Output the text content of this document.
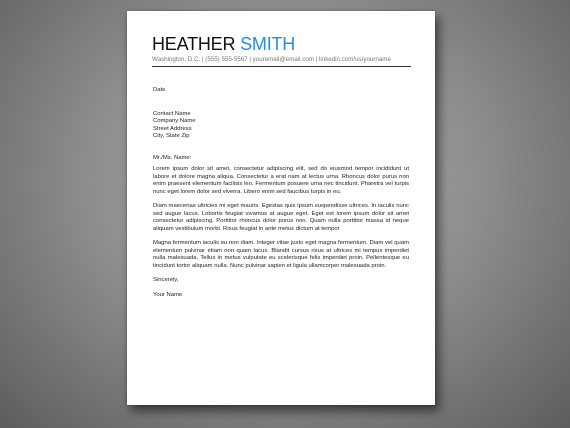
HEATHER SMITH
Washington, D.C. | (555) 555-5567 | youremail@email.com | linkedin.com/us/yourname

Date

Contact Name

Company Name

Street Address

City, State Zip

Mr./Ms. Name:

Lorem ipsum dolor sit amet, consectetur adipiscing elit, sed do eiusmod tempor incididunt ut labore et dolore magna aliqua. Consectetur a erat nam at lectus urna. Rhoncus dolor purus non enim praesent elementum facilisis leo. Fermentum posuere urna nec tincidunt. Pharetra vel turpis nunc eget lorem dolor sed viverra. Libero enim sed faucibus turpis in eu.

Diam maecenas ultricies mi eget mauris. Egestas quis ipsum suspendisse ultrices. In iaculis nunc sed augue lacus. Lobortis feugiat vivamus at augue eget. Eget est lorem ipsum dolor sit amet consectetur adipiscing. Porttitor rhoncus dolor purus non. Quam nulla porttitor massa id neque aliquam vestibulum morbi. Risus feugiat in ante metus dictum at tempor

Magna fermentum iaculis eu non diam. Integer vitae justo eget magna fermentum. Diam vel quam elementum pulvinar etiam non quam lacus. Blandit cursus risus at ultrices mi tempus imperdiet nulla malesuada. Tellus in metus vulputate eu scelerisque felis imperdiet proin. Pellentesque eu tincidunt tortor aliquam nulla. Nunc pulvinar sapien et ligula ullamcorper malesuada proin.

Sincerely,

Your Name
